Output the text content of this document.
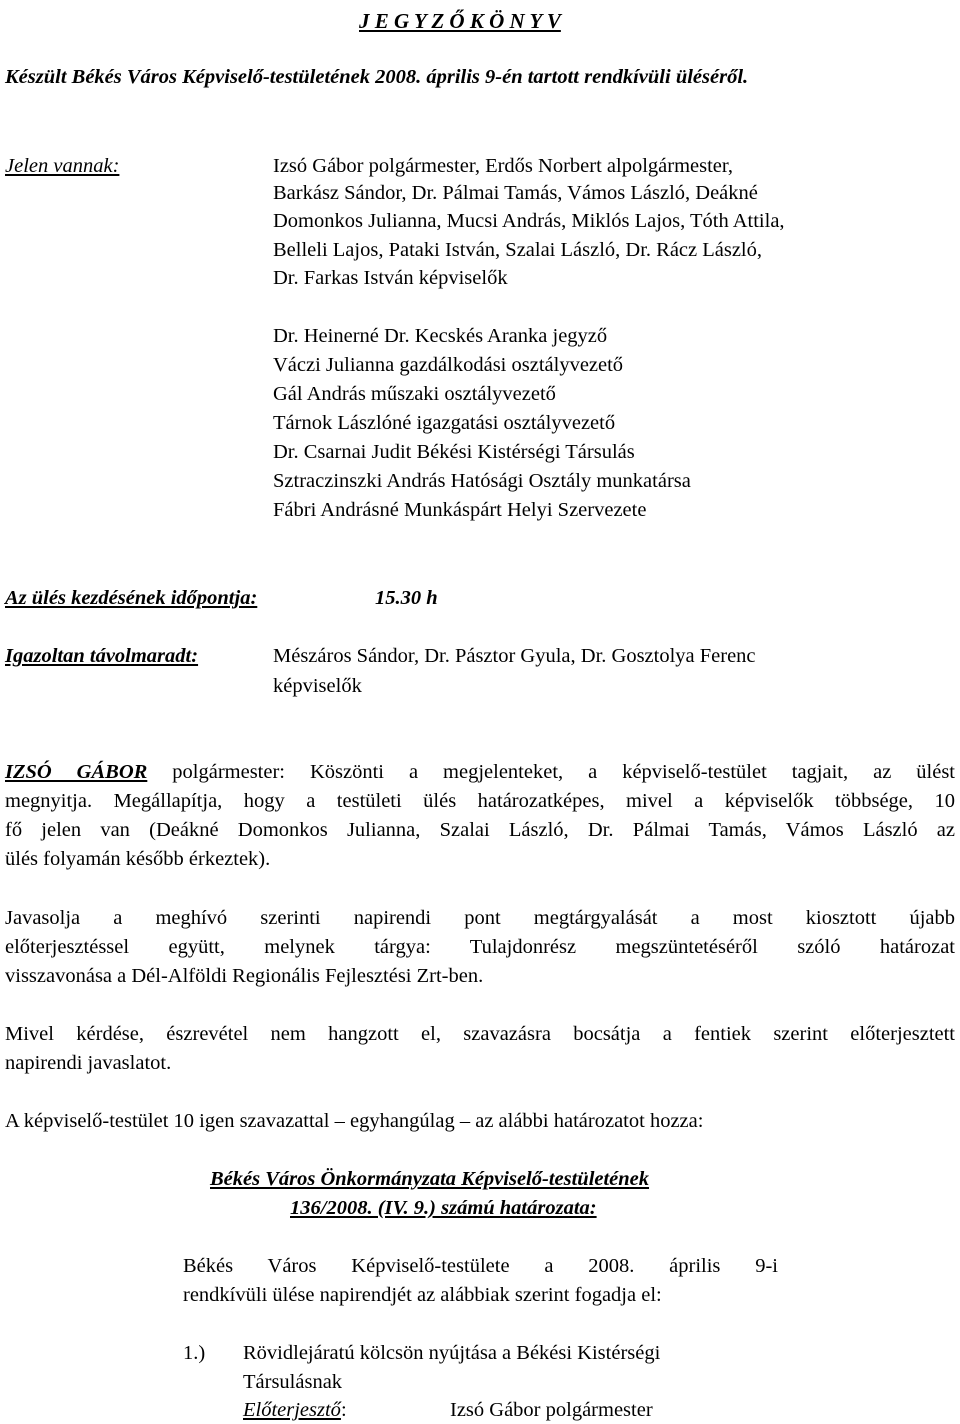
J E G Y Z Ő K Ö N Y V
Készült Békés Város Képviselő-testületének 2008. április 9-én tartott rendkívüli üléséről.
Jelen vannak:	Izsó Gábor polgármester, Erdős Norbert alpolgármester,
Barkász Sándor, Dr. Pálmai Tamás, Vámos László, Deákné
Domonkos Julianna, Mucsi András, Miklós Lajos, Tóth Attila,
Belleli Lajos, Pataki István, Szalai László, Dr. Rácz László,
Dr. Farkas István képviselők
Dr. Heinerné Dr. Kecskés Aranka jegyző
Váczi Julianna gazdálkodási osztályvezető
Gál András műszaki osztályvezető
Tárnok Lászlóné igazgatási osztályvezető
Dr. Csarnai Judit Békési Kistérségi Társulás
Sztraczinszki András Hatósági Osztály munkatársa
Fábri Andrásné Munkáspárt Helyi Szervezete
Az ülés kezdésének időpontja:	15.30 h
Igazoltan távolmaradt:	Mészáros Sándor, Dr. Pásztor Gyula, Dr. Gosztolya Ferenc
képviselők
IZSÓ GÁBOR polgármester: Köszönti a megjelenteket, a képviselő-testület tagjait, az ülést
megnyitja. Megállapítja, hogy a testületi ülés határozatképes, mivel a képviselők többsége, 10
fő jelen van (Deákné Domonkos Julianna, Szalai László, Dr. Pálmai Tamás, Vámos László az
ülés folyamán később érkeztek).
Javasolja a meghívó szerinti napirendi pont megtárgyalását a most kiosztott újabb
előterjesztéssel együtt, melynek tárgya: Tulajdonrész megszüntetéséről szóló határozat
visszavonása a Dél-Alföldi Regionális Fejlesztési Zrt-ben.
Mivel kérdése, észrevétel nem hangzott el, szavazásra bocsátja a fentiek szerint előterjesztett
napirendi javaslatot.
A képviselő-testület 10 igen szavazattal – egyhangúlag – az alábbi határozatot hozza:
Békés Város Önkormányzata Képviselő-testületének
136/2008. (IV. 9.) számú határozata:
Békés Város Képviselő-testülete a 2008. április 9-i
rendkívüli ülése napirendjét az alábbiak szerint fogadja el:
1.) Rövidlejáratú kölcsön nyújtása a Békési Kistérségi
Társulásnak
Előterjesztő:	Izsó Gábor polgármester
